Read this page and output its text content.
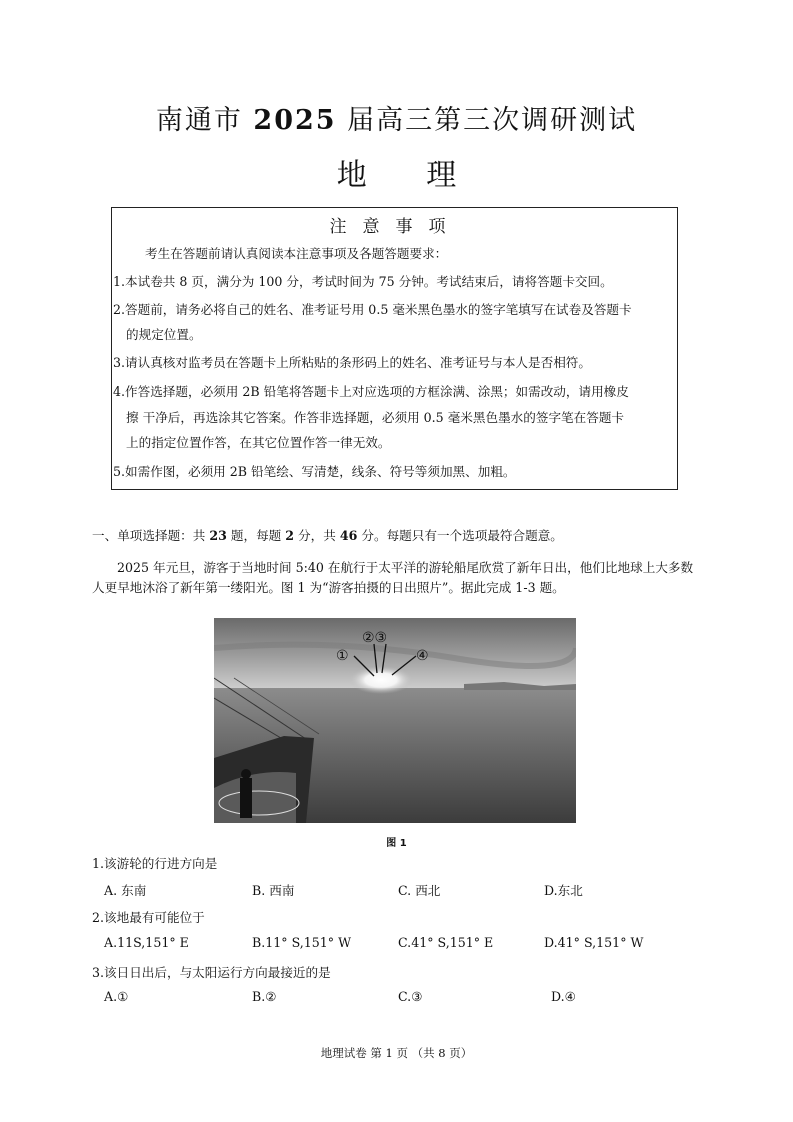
南通市 2025 届高三第三次调研测试
地 理
注意事项
考生在答题前请认真阅读本注意事项及各题答题要求：
1.本试卷共 8 页，满分为 100 分，考试时间为 75 分钟。考试结束后，请将答题卡交回。
2.答题前，请务必将自己的姓名、准考证号用 0.5 毫米黑色墨水的签字笔填写在试卷及答题卡
的规定位置。
3.请认真核对监考员在答题卡上所粘贴的条形码上的姓名、准考证号与本人是否相符。
4.作答选择题，必须用 2B 铅笔将答题卡上对应选项的方框涂满、涂黑；如需改动，请用橡皮
擦 干净后，再选涂其它答案。作答非选择题，必须用 0.5 毫米黑色墨水的签字笔在答题卡
上的指定位置作答，在其它位置作答一律无效。
5.如需作图，必须用 2B 铅笔绘、写清楚，线条、符号等须加黑、加粗。
一、单项选择题：共 23 题，每题 2 分，共 46 分。每题只有一个选项最符合题意。
2025 年元旦，游客于当地时间 5:40 在航行于太平洋的游轮船尾欣赏了新年日出，他们比地球上大多数人更早地沐浴了新年第一缕阳光。图 1 为“游客拍摄的日出照片”。据此完成 1-3 题。
①
②③
④
图 1
1.该游轮的行进方向是
A. 东南	B. 西南	C. 西北	D.东北
2.该地最有可能位于
A.11S,151° E	B.11° S,151° W	C.41° S,151° E	D.41° S,151° W
3.该日日出后，与太阳运行方向最接近的是
A.①	B.②	C.③	D.④
地理试卷 第 1 页 （共 8 页）
